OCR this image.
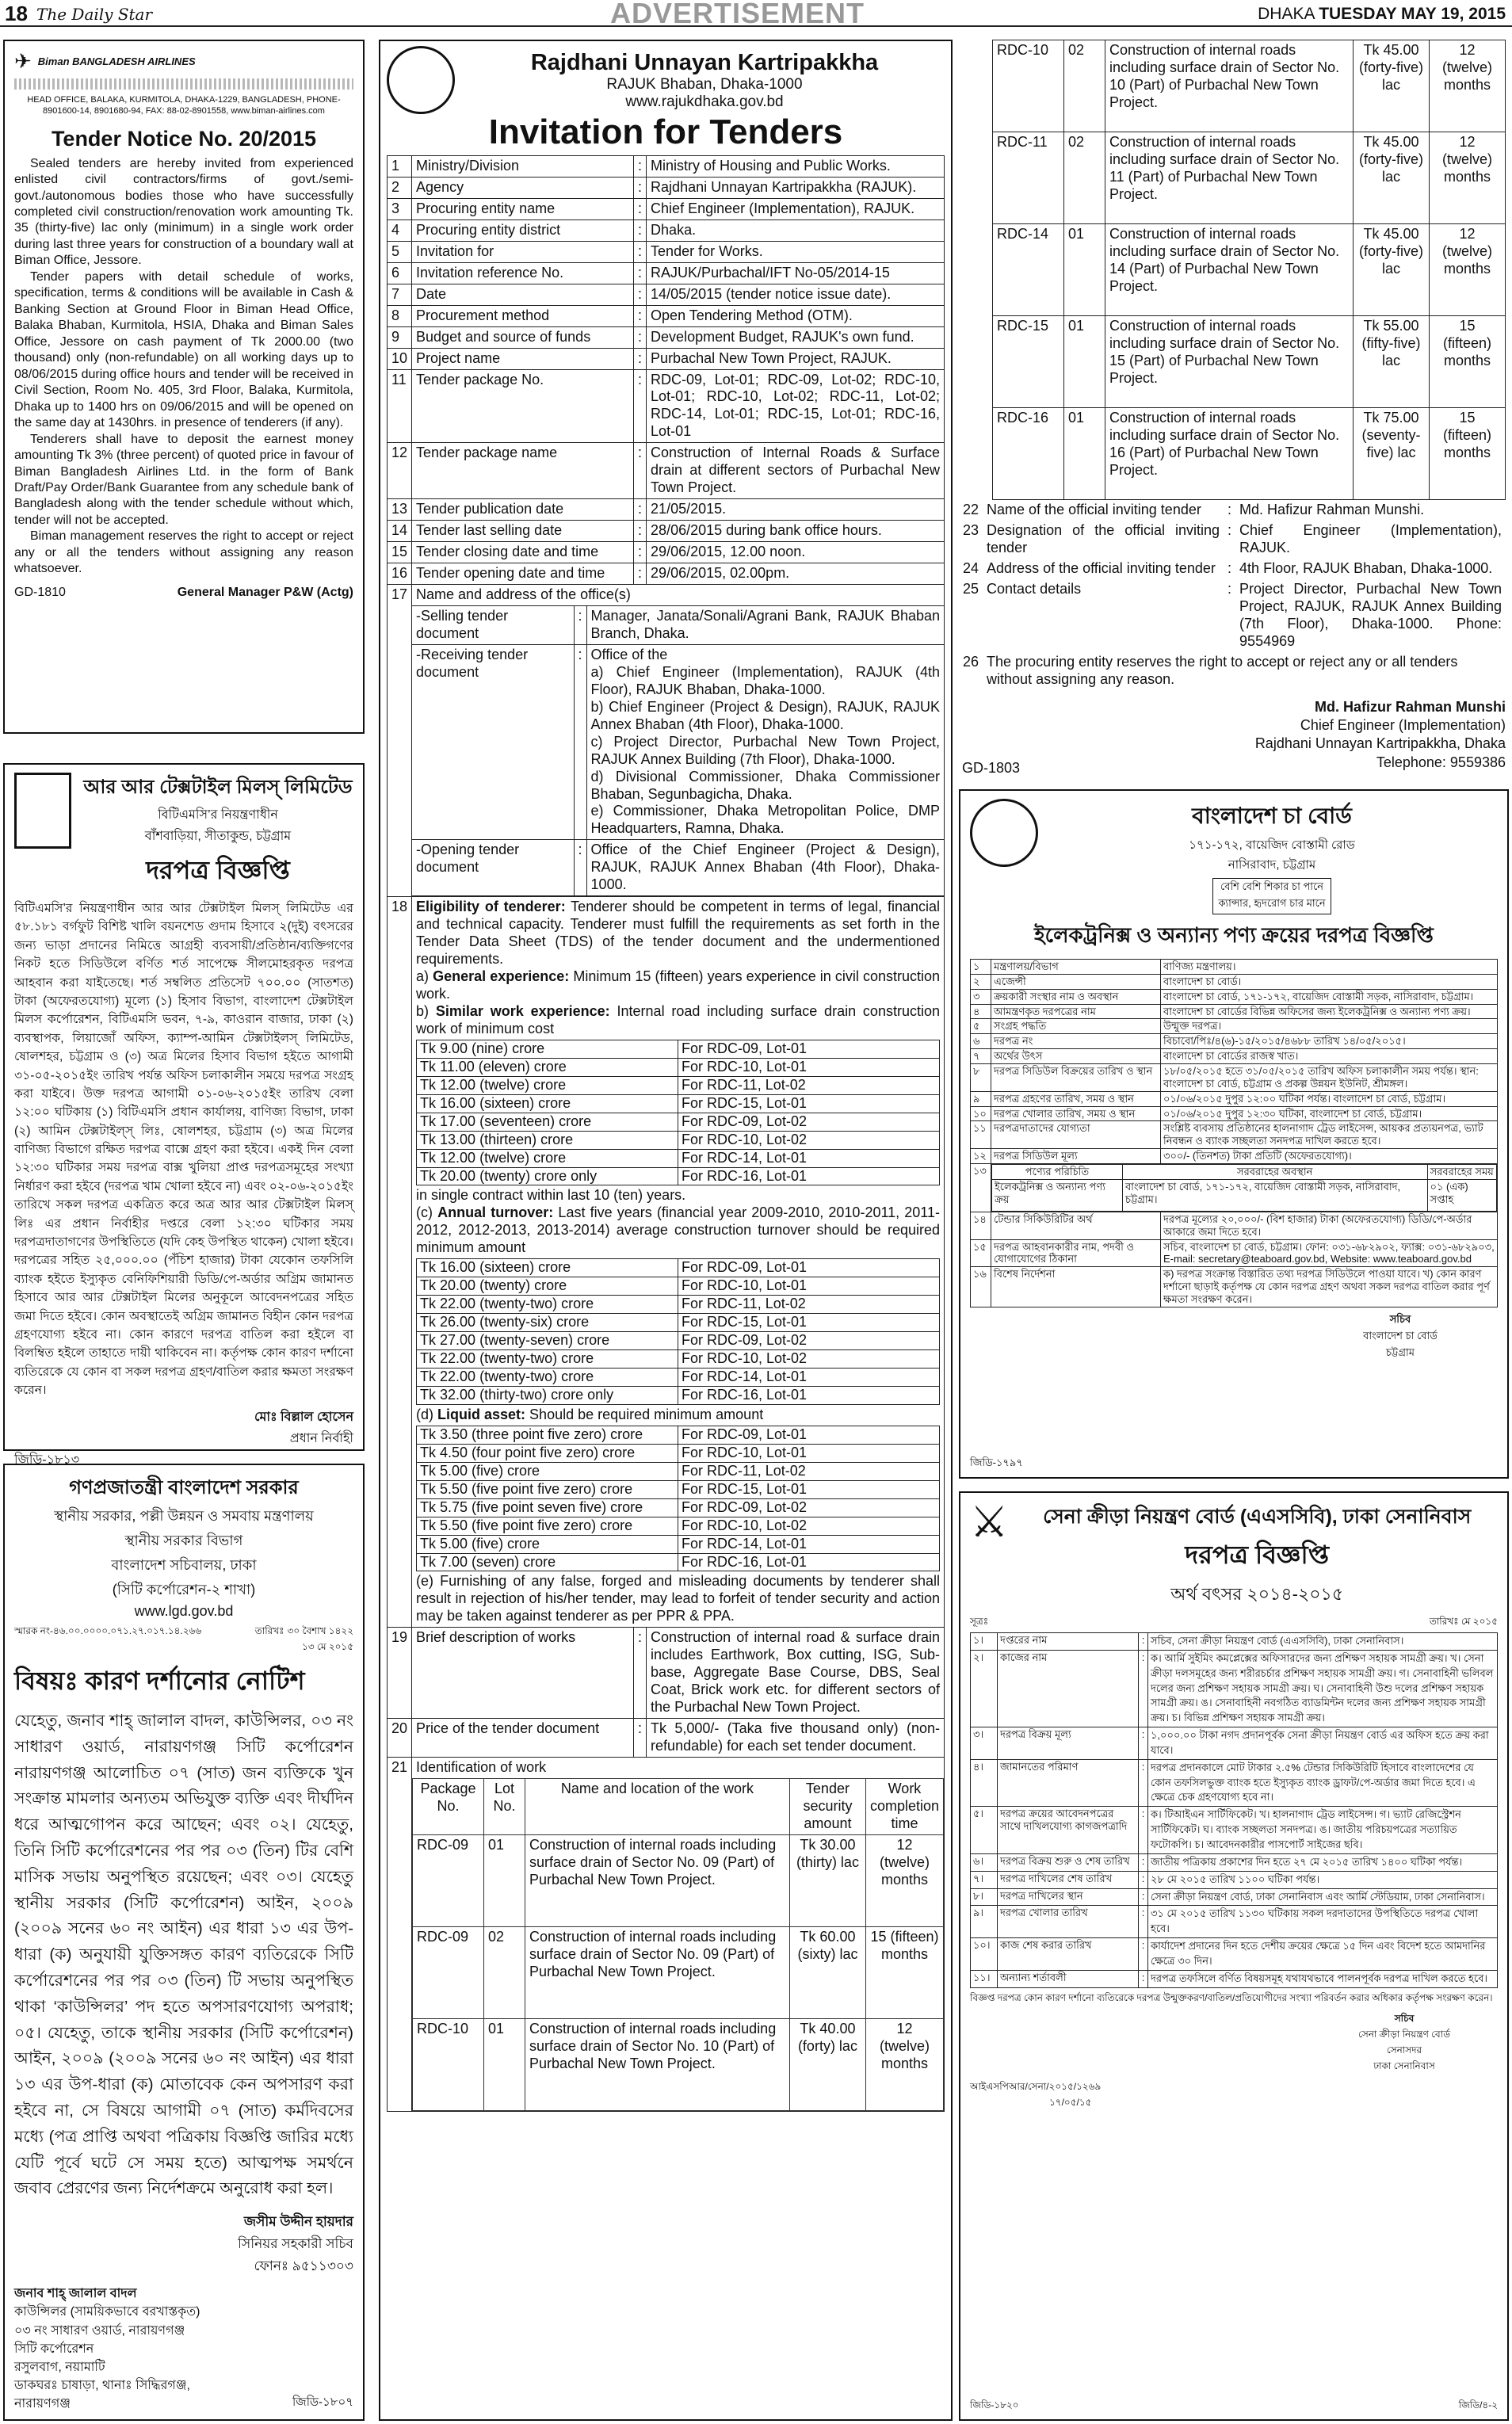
18 The Daily Star	ADVERTISEMENT	DHAKA TUESDAY MAY 19, 2015
✈ Biman BANGLADESH AIRLINES
HEAD OFFICE, BALAKA, KURMITOLA, DHAKA-1229, BANGLADESH, PHONE- 8901600-14, 8901680-94, FAX: 88-02-8901558, www.biman-airlines.com
Tender Notice No. 20/2015

Sealed tenders are hereby invited from experienced enlisted civil contractors/firms of govt./semi-govt./autonomous bodies those who have successfully completed civil construction/renovation work amounting Tk. 35 (thirty-five) lac only (minimum) in a single work order during last three years for construction of a boundary wall at Biman Office, Jessore.

Tender papers with detail schedule of works, specification, terms & conditions will be available in Cash & Banking Section at Ground Floor in Biman Head Office, Balaka Bhaban, Kurmitola, HSIA, Dhaka and Biman Sales Office, Jessore on cash payment of Tk 2000.00 (two thousand) only (non-refundable) on all working days up to 08/06/2015 during office hours and tender will be received in Civil Section, Room No. 405, 3rd Floor, Balaka, Kurmitola, Dhaka up to 1400 hrs on 09/06/2015 and will be opened on the same day at 1430hrs. in presence of tenderers (if any).

Tenderers shall have to deposit the earnest money amounting Tk 3% (three percent) of quoted price in favour of Biman Bangladesh Airlines Ltd. in the form of Bank Draft/Pay Order/Bank Guarantee from any schedule bank of Bangladesh along with the tender schedule without which, tender will not be accepted.

Biman management reserves the right to accept or reject any or all the tenders without assigning any reason whatsoever.

GD-1810	General Manager P&W (Actg)
আর আর টেক্সটাইল মিলস্ লিমিটেড
বিটিএমসি’র নিয়ন্ত্রণাধীন
বাঁশবাড়িয়া, সীতাকুন্ড, চট্টগ্রাম
দরপত্র বিজ্ঞপ্তি

বিটিএমসি’র নিয়ন্ত্রণাধীন আর আর টেক্সটাইল মিলস্ লিমিটেড এর ৫৮.১৮১ বর্গফুট বিশিষ্ট খালি বয়নশেড গুদাম হিসাবে ২(দুই) বৎসরের জন্য ভাড়া প্রদানের নিমিত্তে আগ্রহী ব্যবসায়ী/প্রতিষ্ঠান/ব্যক্তিগণের নিকট হতে সিডিউলে বর্ণিত শর্ত সাপেক্ষে সীলমোহরকৃত দরপত্র আহবান করা যাইতেছে। শর্ত সম্বলিত প্রতিসেট ৭০০.০০ (সাতশত) টাকা (অফেরতযোগ্য) মূল্যে (১) হিসাব বিভাগ, বাংলাদেশ টেক্সটাইল মিলস কর্পোরেশন, বিটিএমসি ভবন, ৭-৯, কাওরান বাজার, ঢাকা (২) ব্যবস্থাপক, লিয়াজোঁ অফিস, ক্যাম্প-আমিন টেক্সটাইলস্ লিমিটেড, ষোলশহর, চট্টগ্রাম ও (৩) অত্র মিলের হিসাব বিভাগ হইতে আগামী ৩১-০৫-২০১৫ইং তারিখ পর্যন্ত অফিস চলাকালীন সময়ে দরপত্র সংগ্রহ করা যাইবে। উক্ত দরপত্র আগামী ০১-০৬-২০১৫ইং তারিখ বেলা ১২:০০ ঘটিকায় (১) বিটিএমসি প্রধান কার্যালয়, বাণিজ্য বিভাগ, ঢাকা (২) আমিন টেক্সটাইল্স্ লিঃ, ষোলশহর, চট্টগ্রাম (৩) অত্র মিলের বাণিজ্য বিভাগে রক্ষিত দরপত্র বাক্সে গ্রহণ করা হইবে। একই দিন বেলা ১২:৩০ ঘটিকার সময় দরপত্র বাক্স খুলিয়া প্রাপ্ত দরপত্রসমূহের সংখ্যা নির্ধারণ করা হইবে (দরপত্র খাম খোলা হইবে না) এবং ০২-০৬-২০১৫ইং তারিখে সকল দরপত্র একত্রিত করে অত্র আর আর টেক্সটাইল মিলস্ লিঃ এর প্রধান নির্বাহীর দপ্তরে বেলা ১২:৩০ ঘটিকার সময় দরপত্রদাতাগণের উপস্থিতিতে (যদি কেহ উপস্থিত থাকেন) খোলা হইবে। দরপত্রের সহিত ২৫,০০০.০০ (পঁচিশ হাজার) টাকা যেকোন তফসিলি ব্যাংক হইতে ইস্যুকৃত বেনিফিশিয়ারী ডিডি/পে-অর্ডার অগ্রিম জামানত হিসাবে আর আর টেক্সটাইল মিলের অনুকূলে আবেদনপত্রের সহিত জমা দিতে হইবে। কোন অবস্থাতেই অগ্রিম জামানত বিহীন কোন দরপত্র গ্রহণযোগ্য হইবে না। কোন কারণে দরপত্র বাতিল করা হইলে বা বিলম্বিত হইলে তাহাতে দায়ী থাকিবেন না। কর্তৃপক্ষ কোন কারণ দর্শানো ব্যতিরেকে যে কোন বা সকল দরপত্র গ্রহণ/বাতিল করার ক্ষমতা সংরক্ষণ করেন।

মোঃ বিল্লাল হোসেন
প্রধান নির্বাহী
জিডি-১৮১৩
গণপ্রজাতন্ত্রী বাংলাদেশ সরকার
স্থানীয় সরকার, পল্লী উন্নয়ন ও সমবায় মন্ত্রণালয়
স্থানীয় সরকার বিভাগ
বাংলাদেশ সচিবালয়, ঢাকা
(সিটি কর্পোরেশন-২ শাখা)
www.lgd.gov.bd
স্মারক নং-৪৬.০০.০০০০.০৭১.২৭.০১৭.১৪.২৬৬	তারিখঃ ৩০ বৈশাখ ১৪২২
১৩ মে ২০১৫
বিষয়ঃ কারণ দর্শানোর নোটিশ

যেহেতু, জনাব শাহ্ জালাল বাদল, কাউন্সিলর, ০৩ নং সাধারণ ওয়ার্ড, নারায়ণগঞ্জ সিটি কর্পোরেশন নারায়ণগঞ্জ আলোচিত ০৭ (সাত) জন ব্যক্তিকে খুন সংক্রান্ত মামলার অন্যতম অভিযুক্ত ব্যক্তি এবং দীর্ঘদিন ধরে আত্মগোপন করে আছেন; এবং ০২। যেহেতু, তিনি সিটি কর্পোরেশনের পর পর ০৩ (তিন) টির বেশি মাসিক সভায় অনুপস্থিত রয়েছেন; এবং ০৩। যেহেতু স্থানীয় সরকার (সিটি কর্পোরেশন) আইন, ২০০৯ (২০০৯ সনের ৬০ নং আইন) এর ধারা ১৩ এর উপ-ধারা (ক) অনুযায়ী যুক্তিসঙ্গত কারণ ব্যতিরেকে সিটি কর্পোরেশনের পর পর ০৩ (তিন) টি সভায় অনুপস্থিত থাকা ‘কাউন্সিলর’ পদ হতে অপসারণযোগ্য অপরাধ; ০৫। যেহেতু, তাকে স্থানীয় সরকার (সিটি কর্পোরেশন) আইন, ২০০৯ (২০০৯ সনের ৬০ নং আইন) এর ধারা ১৩ এর উপ-ধারা (ক) মোতাবেক কেন অপসারণ করা হইবে না, সে বিষয়ে আগামী ০৭ (সাত) কর্মদিবসের মধ্যে (পত্র প্রাপ্তি অথবা পত্রিকায় বিজ্ঞপ্তি জারির মধ্যে যেটি পূর্বে ঘটে সে সময় হতে) আত্মপক্ষ সমর্থনে জবাব প্রেরণের জন্য নির্দেশক্রমে অনুরোধ করা হল।

জসীম উদ্দীন হায়দার
সিনিয়র সহকারী সচিব
ফোনঃ ৯৫১১৩০৩
জনাব শাহ্ জালাল বাদল
কাউন্সিলর (সাময়িকভাবে বরখাস্তকৃত)
০৩ নং সাধারণ ওয়ার্ড, নারায়ণগঞ্জ
সিটি কর্পোরেশন
রসুলবাগ, নয়ামাটি
ডাকঘরঃ চাষাড়া, থানাঃ সিদ্ধিরগঞ্জ,
নারায়ণগঞ্জ	জিডি-১৮০৭
Rajdhani Unnayan Kartripakkha
RAJUK Bhaban, Dhaka-1000
www.rajukdhaka.gov.bd
Invitation for Tenders
1	Ministry/Division	:	Ministry of Housing and Public Works.
2	Agency	:	Rajdhani Unnayan Kartripakkha (RAJUK).
3	Procuring entity name	:	Chief Engineer (Implementation), RAJUK.
4	Procuring entity district	:	Dhaka.
5	Invitation for	:	Tender for Works.
6	Invitation reference No.	:	RAJUK/Purbachal/IFT No-05/2014-15
7	Date	:	14/05/2015 (tender notice issue date).
8	Procurement method	:	Open Tendering Method (OTM).
9	Budget and source of funds	:	Development Budget, RAJUK's own fund.
10	Project name	:	Purbachal New Town Project, RAJUK.
11	Tender package No.	:	RDC-09, Lot-01; RDC-09, Lot-02; RDC-10, Lot-01; RDC-10, Lot-02; RDC-11, Lot-02; RDC-14, Lot-01; RDC-15, Lot-01; RDC-16, Lot-01
12	Tender package name	:	Construction of Internal Roads & Surface drain at different sectors of Purbachal New Town Project.
13	Tender publication date	:	21/05/2015.
14	Tender last selling date	:	28/06/2015 during bank office hours.
15	Tender closing date and time	:	29/06/2015, 12.00 noon.
16	Tender opening date and time	:	29/06/2015, 02.00pm.
17	Name and address of the office(s)
-Selling tender document	:	Manager, Janata/Sonali/Agrani Bank, RAJUK Bhaban Branch, Dhaka.
-Receiving tender document	:	Office of the
a) Chief Engineer (Implementation), RAJUK (4th Floor), RAJUK Bhaban, Dhaka-1000.
b) Chief Engineer (Project & Design), RAJUK, RAJUK Annex Bhaban (4th Floor), Dhaka-1000.
c) Project Director, Purbachal New Town Project, RAJUK Annex Building (7th Floor), Dhaka-1000.
d) Divisional Commissioner, Dhaka Commissioner Bhaban, Segunbagicha, Dhaka.
e) Commissioner, Dhaka Metropolitan Police, DMP Headquarters, Ramna, Dhaka.

-Opening tender document	:	Office of the Chief Engineer (Project & Design), RAJUK, RAJUK Annex Bhaban (4th Floor), Dhaka-1000.

18	Eligibility of tenderer: Tenderer should be competent in terms of legal, financial and technical capacity. Tenderer must fulfill the requirements as set forth in the Tender Data Sheet (TDS) of the tender document and the undermentioned requirements.
a) General experience: Minimum 15 (fifteen) years experience in civil construction work.
b) Similar work experience: Internal road including surface drain construction work of minimum cost
Tk 9.00 (nine) crore	For RDC-09, Lot-01
Tk 11.00 (eleven) crore	For RDC-10, Lot-01
Tk 12.00 (twelve) crore	For RDC-11, Lot-02
Tk 16.00 (sixteen) crore	For RDC-15, Lot-01
Tk 17.00 (seventeen) crore	For RDC-09, Lot-02
Tk 13.00 (thirteen) crore	For RDC-10, Lot-02
Tk 12.00 (twelve) crore	For RDC-14, Lot-01
Tk 20.00 (twenty) crore only	For RDC-16, Lot-01
in single contract within last 10 (ten) years.
(c) Annual turnover: Last five years (financial year 2009-2010, 2010-2011, 2011-2012, 2012-2013, 2013-2014) average construction turnover should be required minimum amount
Tk 16.00 (sixteen) crore	For RDC-09, Lot-01
Tk 20.00 (twenty) crore	For RDC-10, Lot-01
Tk 22.00 (twenty-two) crore	For RDC-11, Lot-02
Tk 26.00 (twenty-six) crore	For RDC-15, Lot-01
Tk 27.00 (twenty-seven) crore	For RDC-09, Lot-02
Tk 22.00 (twenty-two) crore	For RDC-10, Lot-02
Tk 22.00 (twenty-two) crore	For RDC-14, Lot-01
Tk 32.00 (thirty-two) crore only	For RDC-16, Lot-01
(d) Liquid asset: Should be required minimum amount
Tk 3.50 (three point five zero) crore	For RDC-09, Lot-01
Tk 4.50 (four point five zero) crore	For RDC-10, Lot-01
Tk 5.00 (five) crore	For RDC-11, Lot-02
Tk 5.50 (five point five zero) crore	For RDC-15, Lot-01
Tk 5.75 (five point seven five) crore	For RDC-09, Lot-02
Tk 5.50 (five point five zero) crore	For RDC-10, Lot-02
Tk 5.00 (five) crore	For RDC-14, Lot-01
Tk 7.00 (seven) crore	For RDC-16, Lot-01
(e) Furnishing of any false, forged and misleading documents by tenderer shall result in rejection of his/her tender, may lead to forfeit of tender security and action may be taken against tenderer as per PPR & PPA.

19	Brief description of works	:	Construction of internal road & surface drain includes Earthwork, Box cutting, ISG, Sub-base, Aggregate Base Course, DBS, Seal Coat, Brick work etc. for different sectors of the Purbachal New Town Project.
20	Price of the tender document	:	Tk 5,000/- (Taka five thousand only) (non-refundable) for each set tender document.
21	Identification of work
Package No.	Lot No.	Name and location of the work	Tender security amount	Work completion time
RDC-09	01	Construction of internal roads including surface drain of Sector No. 09 (Part) of Purbachal New Town Project.	Tk 30.00 (thirty) lac	12 (twelve) months
RDC-09	02	Construction of internal roads including surface drain of Sector No. 09 (Part) of Purbachal New Town Project.	Tk 60.00 (sixty) lac	15 (fifteen) months
RDC-10	01	Construction of internal roads including surface drain of Sector No. 10 (Part) of Purbachal New Town Project.	Tk 40.00 (forty) lac	12 (twelve) months
RDC-10	02	Construction of internal roads including surface drain of Sector No. 10 (Part) of Purbachal New Town Project.	Tk 45.00 (forty-five) lac	12 (twelve) months
RDC-11	02	Construction of internal roads including surface drain of Sector No. 11 (Part) of Purbachal New Town Project.	Tk 45.00 (forty-five) lac	12 (twelve) months
RDC-14	01	Construction of internal roads including surface drain of Sector No. 14 (Part) of Purbachal New Town Project.	Tk 45.00 (forty-five) lac	12 (twelve) months
RDC-15	01	Construction of internal roads including surface drain of Sector No. 15 (Part) of Purbachal New Town Project.	Tk 55.00 (fifty-five) lac	15 (fifteen) months
RDC-16	01	Construction of internal roads including surface drain of Sector No. 16 (Part) of Purbachal New Town Project.	Tk 75.00 (seventy-five) lac	15 (fifteen) months
22	Name of the official inviting tender	:	Md. Hafizur Rahman Munshi.
23	Designation of the official inviting tender	:	Chief Engineer (Implementation), RAJUK.
24	Address of the official inviting tender	:	4th Floor, RAJUK Bhaban, Dhaka-1000.
25	Contact details	:	Project Director, Purbachal New Town Project, RAJUK, RAJUK Annex Building (7th Floor), Dhaka-1000. Phone: 9554969
26	The procuring entity reserves the right to accept or reject any or all tenders without assigning any reason.		
Md. Hafizur Rahman Munshi
Chief Engineer (Implementation)
Rajdhani Unnayan Kartripakkha, Dhaka
Telephone: 9559386
GD-1803
বাংলাদেশ চা বোর্ড
১৭১-১৭২, বায়েজিদ বোস্তামী রোড
নাসিরাবাদ, চট্টগ্রাম
বেশি বেশি শিকার চা পানে
ক্যান্সার, হৃদরোগ চার মানে
ইলেকট্রনিক্স ও অন্যান্য পণ্য ক্রয়ের দরপত্র বিজ্ঞপ্তি
১	মন্ত্রণালয়/বিভাগ	বাণিজ্য মন্ত্রণালয়।
২	এজেন্সী	বাংলাদেশ চা বোর্ড।
৩	ক্রয়কারী সংস্থার নাম ও অবস্থান	বাংলাদেশ চা বোর্ড, ১৭১-১৭২, বায়েজিদ বোস্তামী সড়ক, নাসিরাবাদ, চট্টগ্রাম।
৪	আমন্ত্রণকৃত দরপত্রের নাম	বাংলাদেশ চা বোর্ডের বিভিন্ন অফিসের জন্য ইলেকট্রনিক্স ও অন্যান্য পণ্য ক্রয়।
৫	সংগ্রহ পদ্ধতি	উন্মুক্ত দরপত্র।
৬	দরপত্র নং	বিচাবো/পিঃ/৪(৬)-১৫/২০১৫/৪৬৮৮ তারিখ ১৪/০৫/২০১৫।
৭	অর্থের উৎস	বাংলাদেশ চা বোর্ডের রাজস্ব খাত।
৮	দরপত্র সিডিউল বিক্রয়ের তারিখ ও স্থান	১৮/০৫/২০১৫ হতে ৩১/০৫/২০১৫ তারিখ অফিস চলাকালীন সময় পর্যন্ত। স্থান: বাংলাদেশ চা বোর্ড, চট্টগ্রাম ও প্রকল্প উন্নয়ন ইউনিট, শ্রীমঙ্গল।
৯	দরপত্র গ্রহণের তারিখ, সময় ও স্থান	০১/০৬/২০১৫ দুপুর ১২:০০ ঘটিকা পর্যন্ত। বাংলাদেশ চা বোর্ড, চট্টগ্রাম।
১০	দরপত্র খোলার তারিখ, সময় ও স্থান	০১/০৬/২০১৫ দুপুর ১২:৩০ ঘটিকা, বাংলাদেশ চা বোর্ড, চট্টগ্রাম।
১১	দরপত্রদাতাদের যোগ্যতা	সংশ্লিষ্ট ব্যবসায় প্রতিষ্ঠানের হালনাগাদ ট্রেড লাইসেন্স, আয়কর প্রত্যয়নপত্র, ভ্যাট নিবন্ধন ও ব্যাংক সচ্ছলতা সনদপত্র দাখিল করতে হবে।
১২	দরপত্র সিডিউল মূল্য	৩০০/- (তিনশত) টাকা প্রতিটি (অফেরতযোগ্য)।
১৩		পণ্যের পরিচিতি	সরবরাহের অবস্থান	সরবরাহের সময়
ইলেকট্রনিক্স ও অন্যান্য পণ্য ক্রয়	বাংলাদেশ চা বোর্ড, ১৭১-১৭২, বায়েজিদ বোস্তামী সড়ক, নাসিরাবাদ, চট্টগ্রাম।	০১ (এক) সপ্তাহ

১৪	টেন্ডার সিকিউরিটির অর্থ	দরপত্র মূল্যের ২০,০০০/- (বিশ হাজার) টাকা (অফেরতযোগ্য) ডিডি/পে-অর্ডার আকারে জমা দিতে হবে।
১৫	দরপত্র আহবানকারীর নাম, পদবী ও যোগাযোগের ঠিকানা	সচিব, বাংলাদেশ চা বোর্ড, চট্টগ্রাম। ফোন: ০৩১-৬৮২৯০২, ফ্যাক্স: ০৩১-৬৮২৯০৩, E-mail: secretary@teaboard.gov.bd, Website: www.teaboard.gov.bd
১৬	বিশেষ নির্দেশনা	ক) দরপত্র সংক্রান্ত বিস্তারিত তথ্য দরপত্র সিডিউলে পাওয়া যাবে। খ) কোন কারণ দর্শানো ছাড়াই কর্তৃপক্ষ যে কোন দরপত্র গ্রহণ অথবা সকল দরপত্র বাতিল করার পূর্ণ ক্ষমতা সংরক্ষণ করেন।
সচিব
বাংলাদেশ চা বোর্ড
চট্টগ্রাম
জিডি-১৭৯৭
⚔	সেনা ক্রীড়া নিয়ন্ত্রণ বোর্ড (এএসসিবি), ঢাকা সেনানিবাস
দরপত্র বিজ্ঞপ্তি
অর্থ বৎসর ২০১৪-২০১৫
সূত্রঃ	তারিখঃ মে ২০১৫
১।	দপ্তরের নাম	:	সচিব, সেনা ক্রীড়া নিয়ন্ত্রণ বোর্ড (এএসসিবি), ঢাকা সেনানিবাস।
২।	কাজের নাম	:	ক। আর্মি সুইমিং কমপ্লেক্সের অফিসারদের জন্য প্রশিক্ষণ সহায়ক সামগ্রী ক্রয়। খ। সেনা ক্রীড়া দলসমূহের জন্য শরীরচর্চার প্রশিক্ষণ সহায়ক সামগ্রী ক্রয়। গ। সেনাবাহিনী ভলিবল দলের জন্য প্রশিক্ষণ সহায়ক সামগ্রী ক্রয়। ঘ। সেনাবাহিনী উশু দলের প্রশিক্ষণ সহায়ক সামগ্রী ক্রয়। ঙ। সেনাবাহিনী নবগঠিত ব্যাডমিন্টন দলের জন্য প্রশিক্ষণ সহায়ক সামগ্রী ক্রয়। চ। বিভিন্ন প্রশিক্ষণ সহায়ক সামগ্রী ক্রয়।
৩।	দরপত্র বিক্রয় মূল্য	:	১,০০০.০০ টাকা নগদ প্রদানপূর্বক সেনা ক্রীড়া নিয়ন্ত্রণ বোর্ড এর অফিস হতে ক্রয় করা যাবে।
৪।	জামানতের পরিমাণ	:	দরপত্র প্রদানকালে মোট টাকার ২.৫% টেন্ডার সিকিউরিটি হিসাবে বাংলাদেশের যে কোন তফসিলভুক্ত ব্যাংক হতে ইস্যুকৃত ব্যাংক ড্রাফট/পে-অর্ডার জমা দিতে হবে। এ ক্ষেত্রে চেক গ্রহণযোগ্য হবে না।
৫।	দরপত্র ক্রয়ের আবেদনপত্রের সাথে দাখিলযোগ্য কাগজপত্রাদি	:	ক। টিআইএন সার্টিফিকেট। খ। হালনাগাদ ট্রেড লাইসেন্স। গ। ভ্যাট রেজিস্ট্রেশন সার্টিফিকেট। ঘ। ব্যাংক সচ্ছলতা সনদপত্র। ঙ। জাতীয় পরিচয়পত্রের সত্যায়িত ফটোকপি। চ। আবেদনকারীর পাসপোর্ট সাইজের ছবি।
৬।	দরপত্র বিক্রয় শুরু ও শেষ তারিখ	:	জাতীয় পত্রিকায় প্রকাশের দিন হতে ২৭ মে ২০১৫ তারিখ ১৪০০ ঘটিকা পর্যন্ত।
৭।	দরপত্র দাখিলের শেষ তারিখ	:	২৮ মে ২০১৫ তারিখ ১১০০ ঘটিকা পর্যন্ত।
৮।	দরপত্র দাখিলের স্থান	:	সেনা ক্রীড়া নিয়ন্ত্রণ বোর্ড, ঢাকা সেনানিবাস এবং আর্মি স্টেডিয়াম, ঢাকা সেনানিবাস।
৯।	দরপত্র খোলার তারিখ	:	৩১ মে ২০১৫ তারিখ ১১৩০ ঘটিকায় সকল দরদাতাদের উপস্থিতিতে দরপত্র খোলা হবে।
১০।	কাজ শেষ করার তারিখ	:	কার্যাদেশ প্রদানের দিন হতে দেশীয় ক্রয়ের ক্ষেত্রে ১৫ দিন এবং বিদেশ হতে আমদানির ক্ষেত্রে ৩০ দিন।
১১।	অন্যান্য শর্তাবলী	:	দরপত্র তফসিলে বর্ণিত বিষয়সমূহ যথাযথভাবে পালনপূর্বক দরপত্র দাখিল করতে হবে।

বিজ্ঞপ্ত দরপত্র কোন কারণ দর্শানো ব্যতিরেকে দরপত্র উন্মুক্তকরণ/বাতিল/প্রতিযোগীদের সংখ্যা পরিবর্তন করার অধিকার কর্তৃপক্ষ সংরক্ষণ করেন।

সচিব
সেনা ক্রীড়া নিয়ন্ত্রণ বোর্ড
সেনাসদর
ঢাকা সেনানিবাস
আইএসপিআর/সেনা/২০১৫/১২৬৯
১৭/০৫/১৫
জিডি-১৮২০	জিডি/৪-২
